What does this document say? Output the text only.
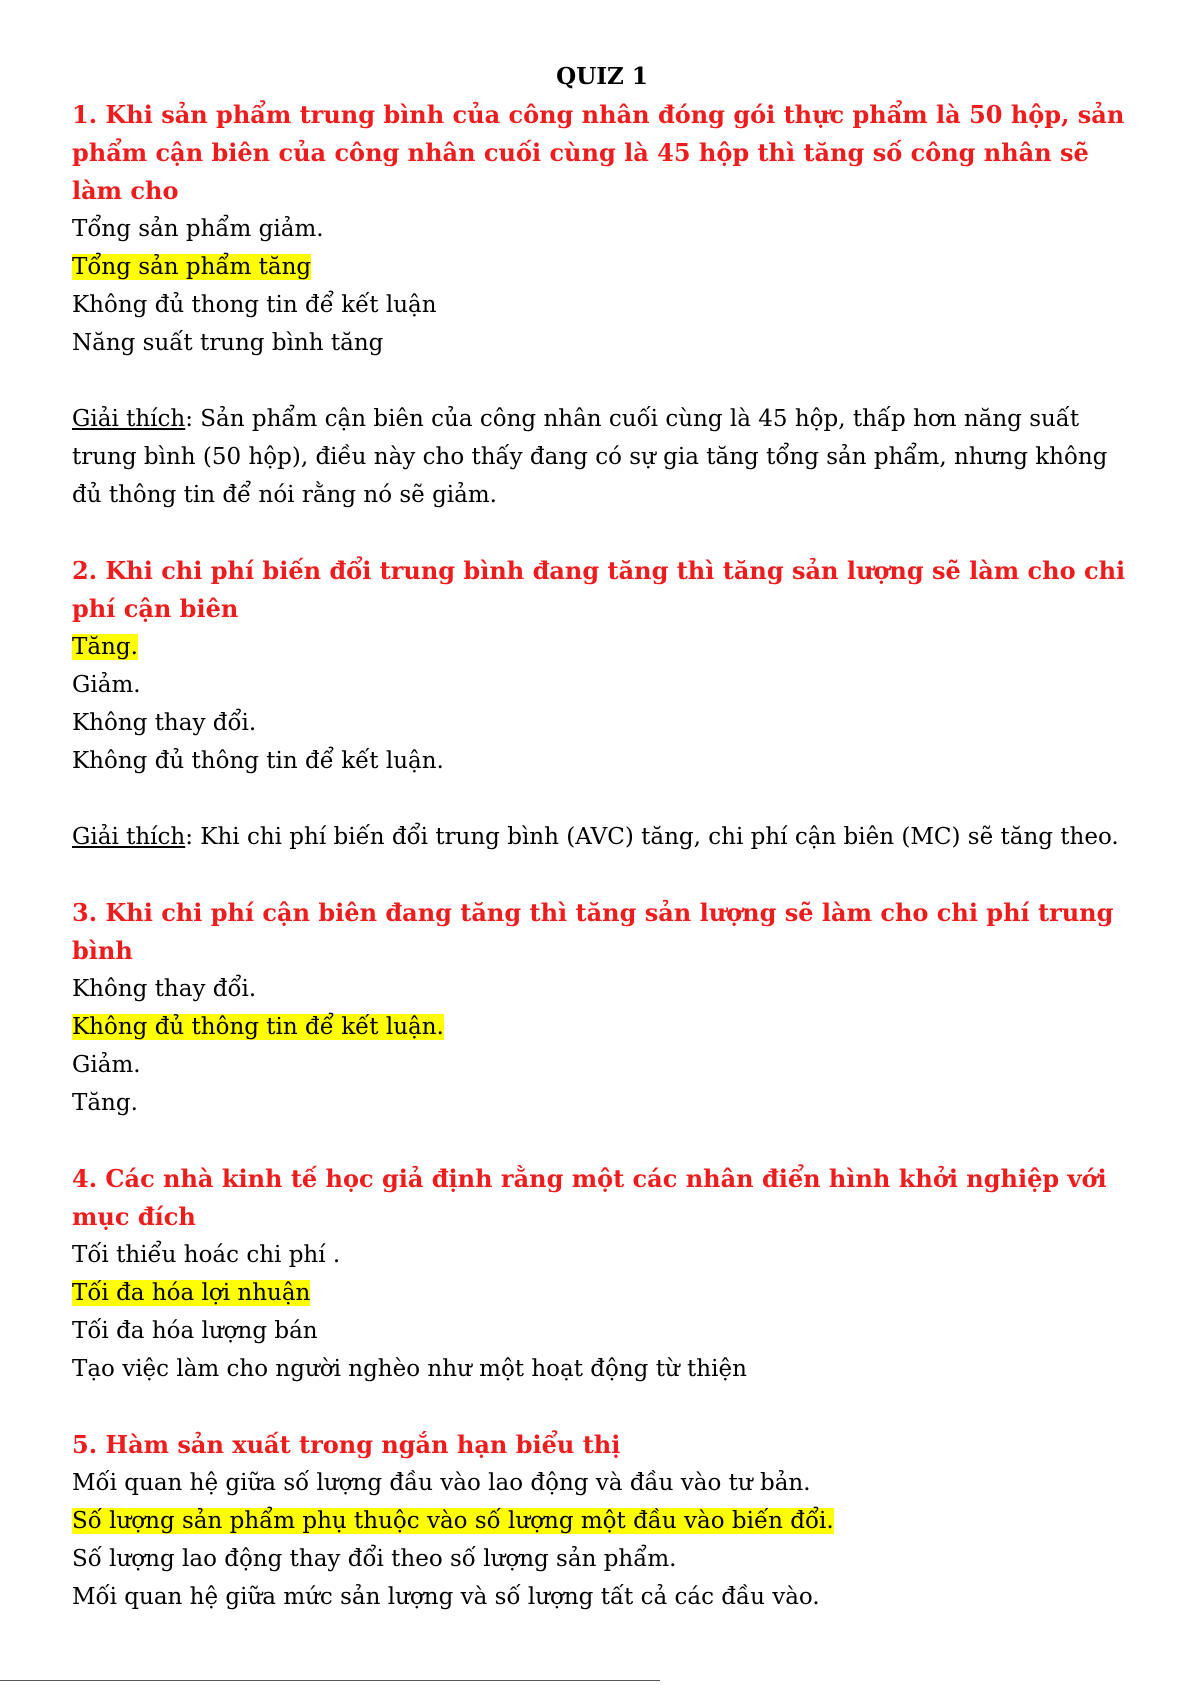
QUIZ 1

1. Khi sản phẩm trung bình của công nhân đóng gói thực phẩm là 50 hộp, sản phẩm cận biên của công nhân cuối cùng là 45 hộp thì tăng số công nhân sẽ làm cho

Tổng sản phẩm giảm.

Tổng sản phẩm tăng

Không đủ thong tin để kết luận

Năng suất trung bình tăng

Giải thích: Sản phẩm cận biên của công nhân cuối cùng là 45 hộp, thấp hơn năng suất trung bình (50 hộp), điều này cho thấy đang có sự gia tăng tổng sản phẩm, nhưng không đủ thông tin để nói rằng nó sẽ giảm.

2. Khi chi phí biến đổi trung bình đang tăng thì tăng sản lượng sẽ làm cho chi phí cận biên

Tăng.

Giảm.

Không thay đổi.

Không đủ thông tin để kết luận.

Giải thích: Khi chi phí biến đổi trung bình (AVC) tăng, chi phí cận biên (MC) sẽ tăng theo.

3. Khi chi phí cận biên đang tăng thì tăng sản lượng sẽ làm cho chi phí trung bình

Không thay đổi.

Không đủ thông tin để kết luận.

Giảm.

Tăng.

4. Các nhà kinh tế học giả định rằng một các nhân điển hình khởi nghiệp với mục đích

Tối thiểu hoác chi phí .

Tối đa hóa lợi nhuận

Tối đa hóa lượng bán

Tạo việc làm cho người nghèo như một hoạt động từ thiện

5. Hàm sản xuất trong ngắn hạn biểu thị

Mối quan hệ giữa số lượng đầu vào lao động và đầu vào tư bản.

Số lượng sản phẩm phụ thuộc vào số lượng một đầu vào biến đổi.

Số lượng lao động thay đổi theo số lượng sản phẩm.

Mối quan hệ giữa mức sản lượng và số lượng tất cả các đầu vào.
